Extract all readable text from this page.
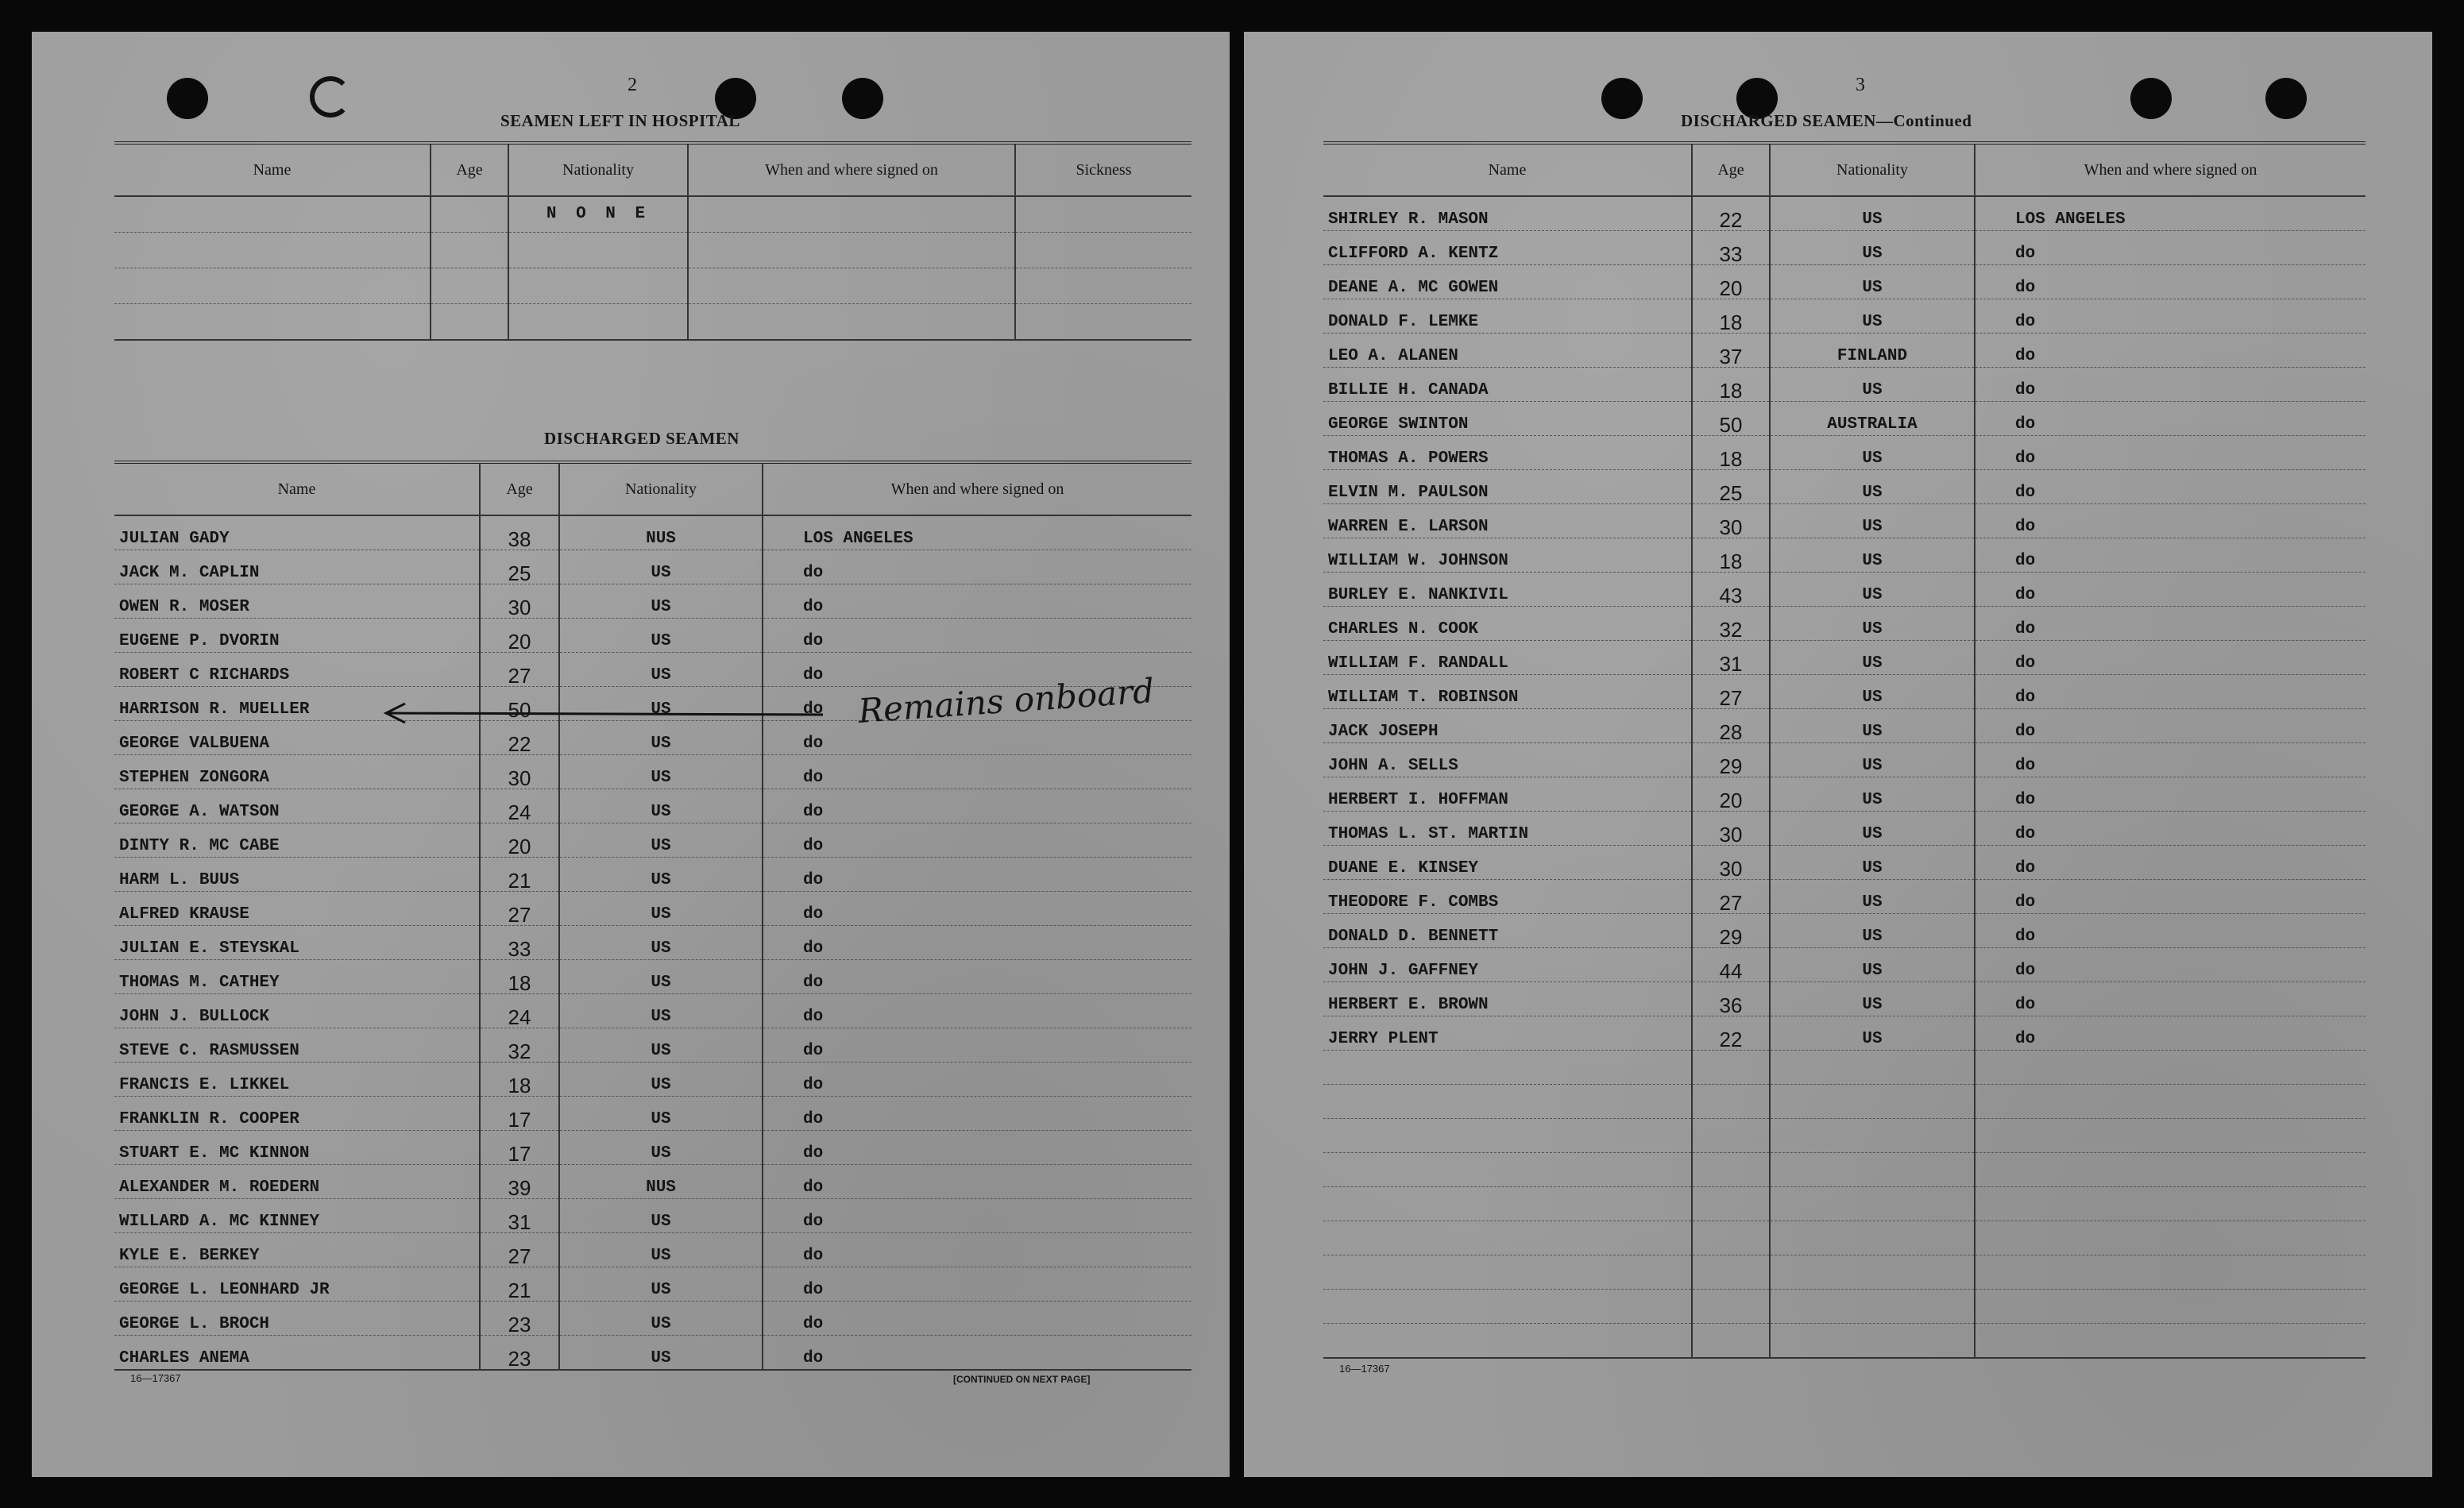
2
SEAMEN LEFT IN HOSPITAL
Name	Age	Nationality	When and where signed on	Sickness
		N O N E		

DISCHARGED SEAMEN
Name	Age	Nationality	When and where signed on
JULIAN GADY	38	NUS	LOS ANGELES
JACK M. CAPLIN	25	US	do
OWEN R. MOSER	30	US	do
EUGENE P. DVORIN	20	US	do
ROBERT C RICHARDS	27	US	do
HARRISON R. MUELLER	50	US	do
GEORGE VALBUENA	22	US	do
STEPHEN ZONGORA	30	US	do
GEORGE A. WATSON	24	US	do
DINTY R. MC CABE	20	US	do
HARM L. BUUS	21	US	do
ALFRED KRAUSE	27	US	do
JULIAN E. STEYSKAL	33	US	do
THOMAS M. CATHEY	18	US	do
JOHN J. BULLOCK	24	US	do
STEVE C. RASMUSSEN	32	US	do
FRANCIS E. LIKKEL	18	US	do
FRANKLIN R. COOPER	17	US	do
STUART E. MC KINNON	17	US	do
ALEXANDER M. ROEDERN	39	NUS	do
WILLARD A. MC KINNEY	31	US	do
KYLE E. BERKEY	27	US	do
GEORGE L. LEONHARD JR	21	US	do
GEORGE L. BROCH	23	US	do
CHARLES ANEMA	23	US	do
Remains onboard
16—17367	[CONTINUED ON NEXT PAGE]
3
DISCHARGED SEAMEN—Continued
Name	Age	Nationality	When and where signed on
SHIRLEY R. MASON	22	US	LOS ANGELES
CLIFFORD A. KENTZ	33	US	do
DEANE A. MC GOWEN	20	US	do
DONALD F. LEMKE	18	US	do
LEO A. ALANEN	37	FINLAND	do
BILLIE H. CANADA	18	US	do
GEORGE SWINTON	50	AUSTRALIA	do
THOMAS A. POWERS	18	US	do
ELVIN M. PAULSON	25	US	do
WARREN E. LARSON	30	US	do
WILLIAM W. JOHNSON	18	US	do
BURLEY E. NANKIVIL	43	US	do
CHARLES N. COOK	32	US	do
WILLIAM F. RANDALL	31	US	do
WILLIAM T. ROBINSON	27	US	do
JACK JOSEPH	28	US	do
JOHN A. SELLS	29	US	do
HERBERT I. HOFFMAN	20	US	do
THOMAS L. ST. MARTIN	30	US	do
DUANE E. KINSEY	30	US	do
THEODORE F. COMBS	27	US	do
DONALD D. BENNETT	29	US	do
JOHN J. GAFFNEY	44	US	do
HERBERT E. BROWN	36	US	do
JERRY PLENT	22	US	do

16—17367
